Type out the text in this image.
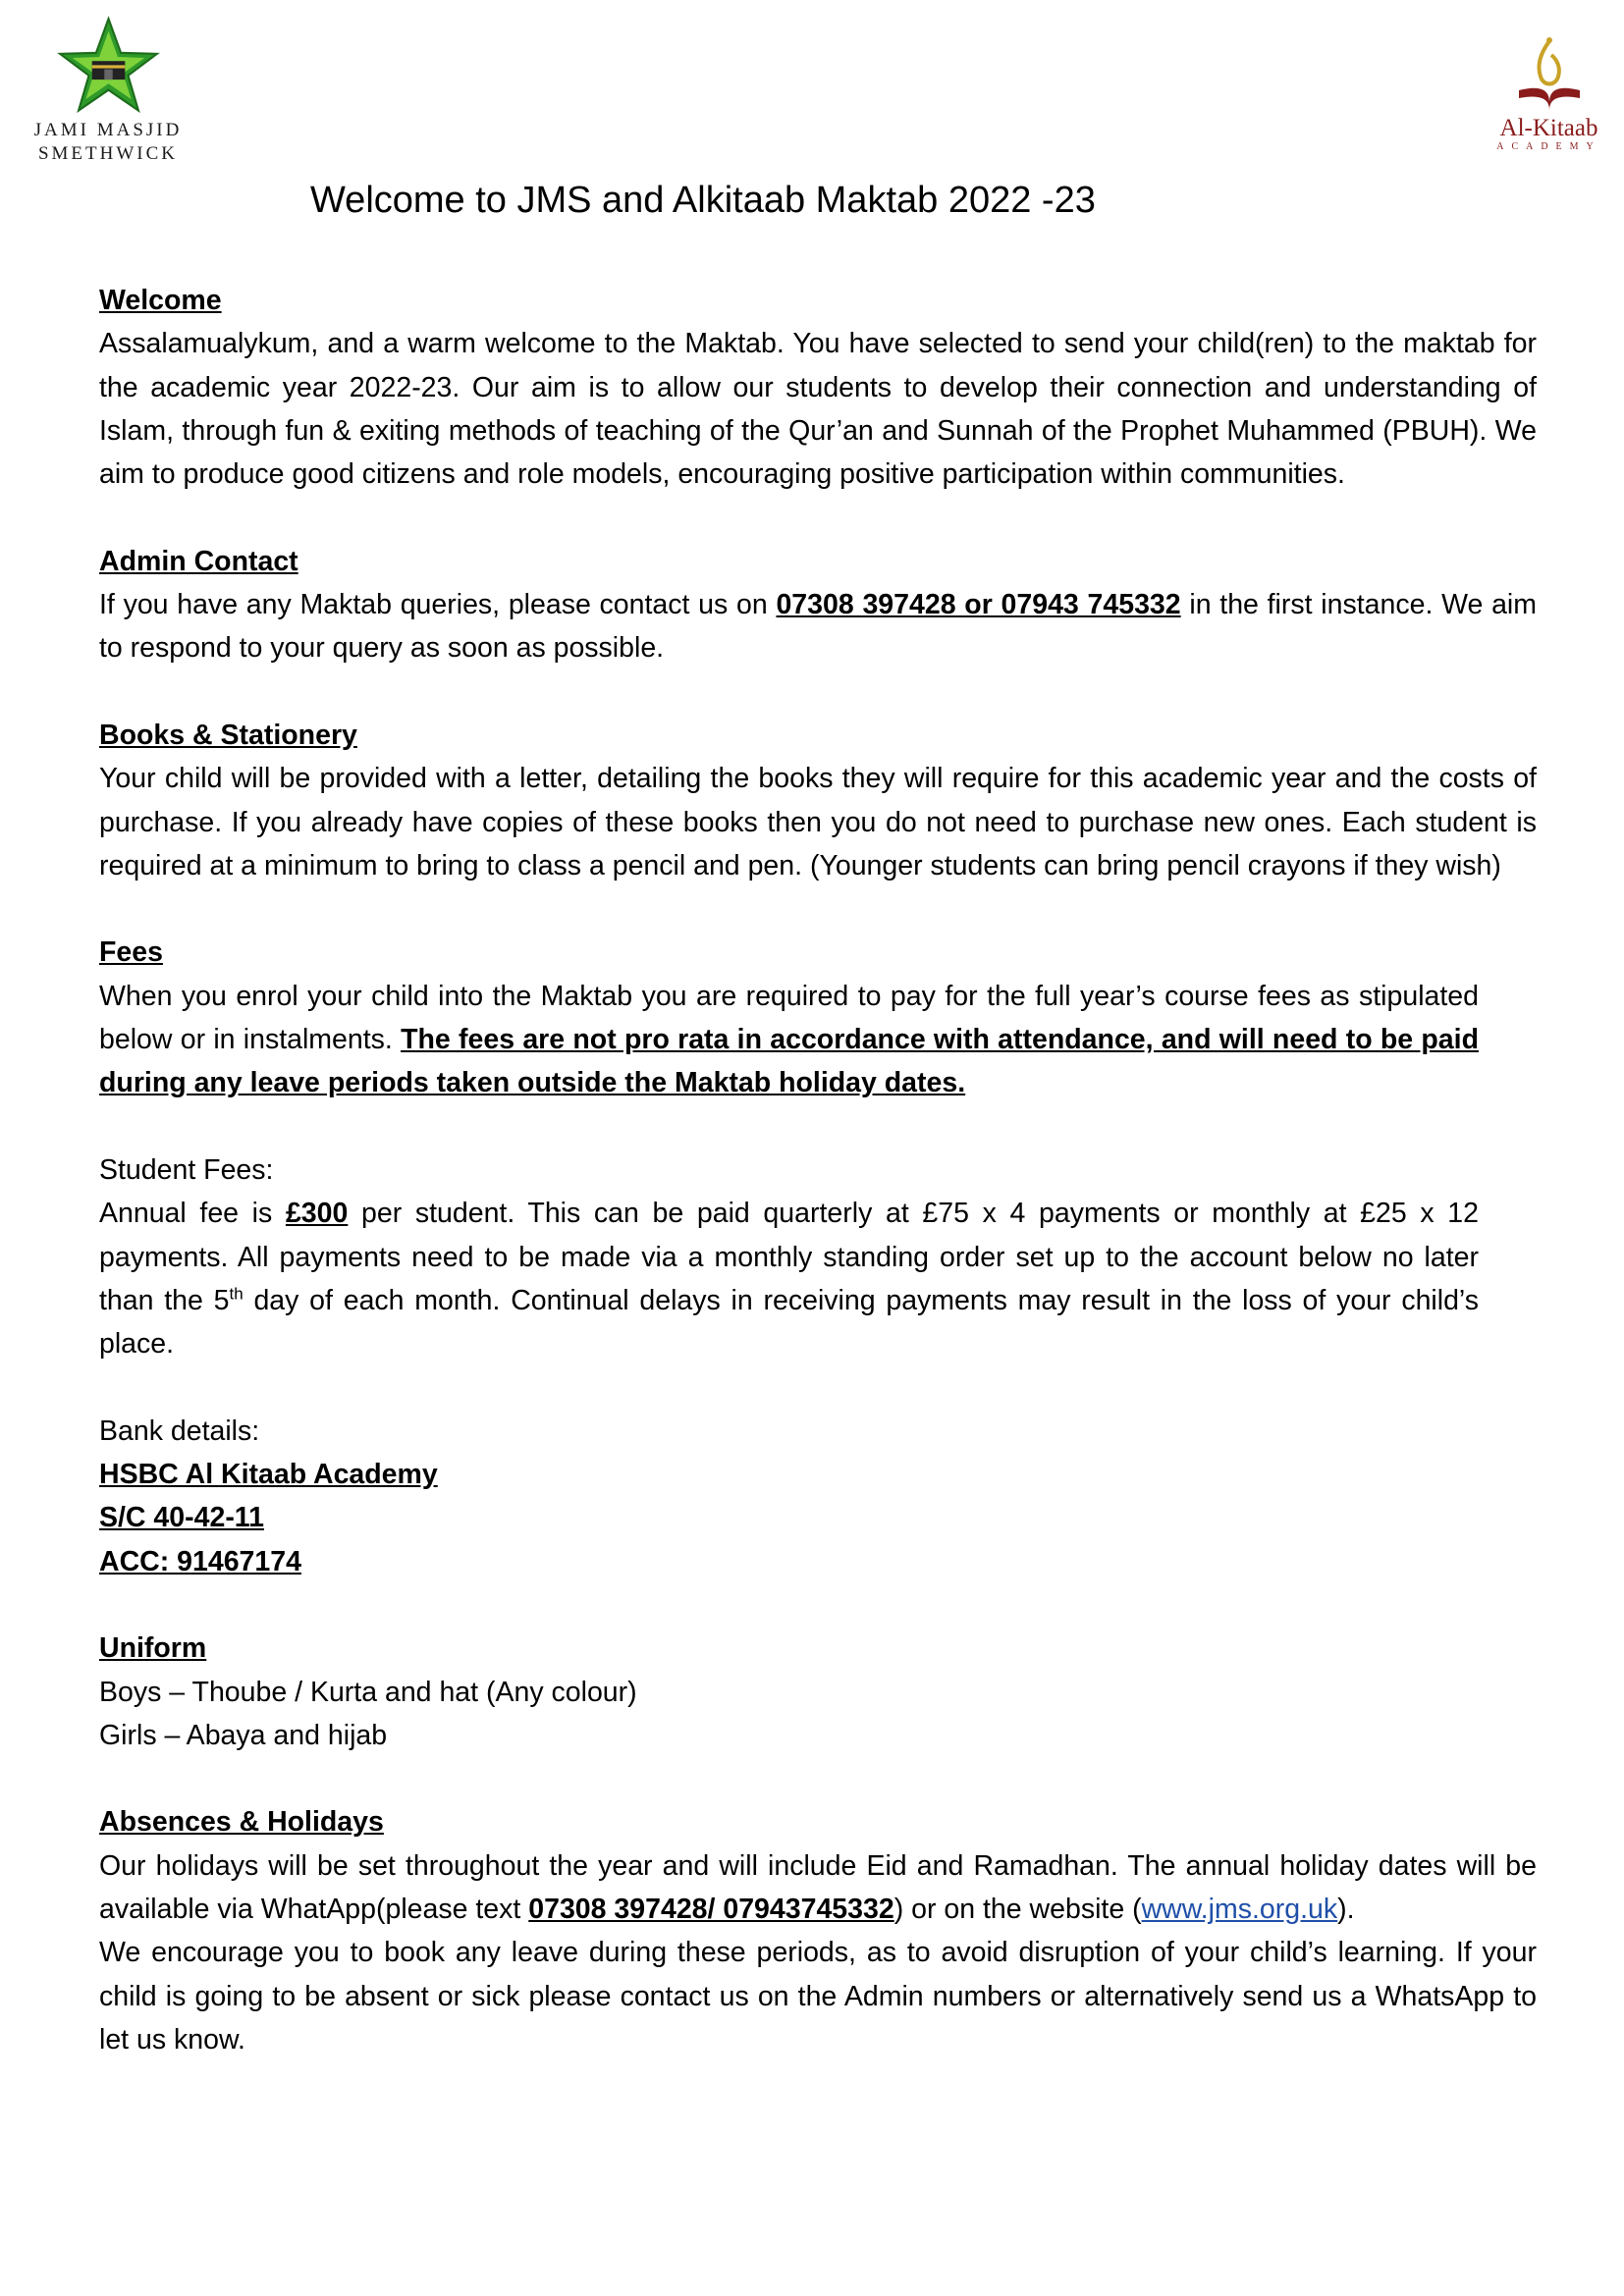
JAMI MASJID
SMETHWICK
Al-Kitaab
ACADEMY
Welcome to JMS and Alkitaab Maktab 2022 -23

Welcome

Assalamualykum, and a warm welcome to the Maktab. You have selected to send your child(ren) to the maktab for the academic year 2022-23. Our aim is to allow our students to develop their connection and understanding of Islam, through fun & exiting methods of teaching of the Qur’an and Sunnah of the Prophet Muhammed (PBUH). We aim to produce good citizens and role models, encouraging positive participation within communities.

Admin Contact

If you have any Maktab queries, please contact us on 07308 397428 or 07943 745332 in the first instance. We aim to respond to your query as soon as possible.

Books & Stationery

Your child will be provided with a letter, detailing the books they will require for this academic year and the costs of purchase. If you already have copies of these books then you do not need to purchase new ones. Each student is required at a minimum to bring to class a pencil and pen. (Younger students can bring pencil crayons if they wish)

Fees

When you enrol your child into the Maktab you are required to pay for the full year’s course fees as stipulated below or in instalments. The fees are not pro rata in accordance with attendance, and will need to be paid during any leave periods taken outside the Maktab holiday dates.

Student Fees:

Annual fee is £300 per student. This can be paid quarterly at £75 x 4 payments or monthly at £25 x 12 payments. All payments need to be made via a monthly standing order set up to the account below no later than the 5th day of each month. Continual delays in receiving payments may result in the loss of your child’s place.

Bank details:

HSBC Al Kitaab Academy

S/C 40-42-11

ACC: 91467174

Uniform

Boys – Thoube / Kurta and hat (Any colour)

Girls – Abaya and hijab

Absences & Holidays

Our holidays will be set throughout the year and will include Eid and Ramadhan. The annual holiday dates will be available via WhatApp(please text 07308 397428/ 07943745332) or on the website (www.jms.org.uk).

We encourage you to book any leave during these periods, as to avoid disruption of your child’s learning. If your child is going to be absent or sick please contact us on the Admin numbers or alternatively send us a WhatsApp to let us know.
